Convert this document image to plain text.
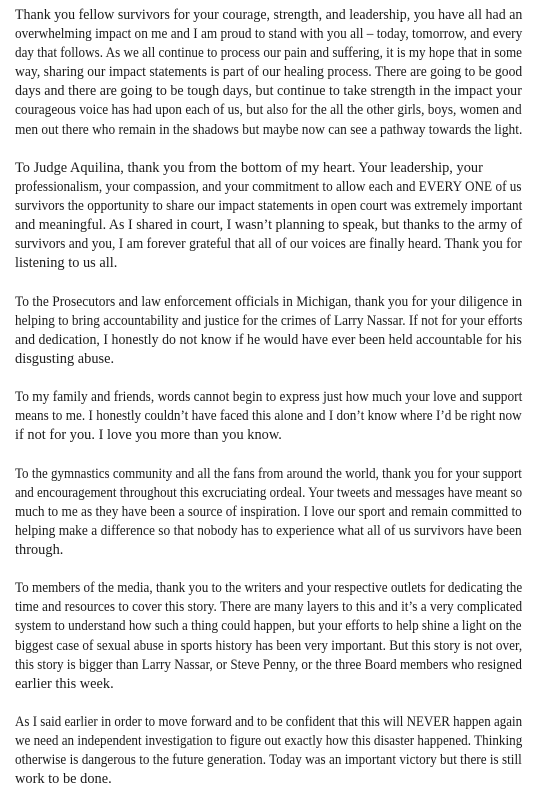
Thank you fellow survivors for your courage, strength, and leadership, you have all had an
overwhelming impact on me and I am proud to stand with you all – today, tomorrow, and every
day that follows. As we all continue to process our pain and suffering, it is my hope that in some
way, sharing our impact statements is part of our healing process. There are going to be good
days and there are going to be tough days, but continue to take strength in the impact your
courageous voice has had upon each of us, but also for the all the other girls, boys, women and
men out there who remain in the shadows but maybe now can see a pathway towards the light.

To Judge Aquilina, thank you from the bottom of my heart. Your leadership, your
professionalism, your compassion, and your commitment to allow each and EVERY ONE of us
survivors the opportunity to share our impact statements in open court was extremely important
and meaningful. As I shared in court, I wasn’t planning to speak, but thanks to the army of
survivors and you, I am forever grateful that all of our voices are finally heard. Thank you for
listening to us all.

To the Prosecutors and law enforcement officials in Michigan, thank you for your diligence in
helping to bring accountability and justice for the crimes of Larry Nassar. If not for your efforts
and dedication, I honestly do not know if he would have ever been held accountable for his
disgusting abuse.

To my family and friends, words cannot begin to express just how much your love and support
means to me. I honestly couldn’t have faced this alone and I don’t know where I’d be right now
if not for you. I love you more than you know.

To the gymnastics community and all the fans from around the world, thank you for your support
and encouragement throughout this excruciating ordeal. Your tweets and messages have meant so
much to me as they have been a source of inspiration. I love our sport and remain committed to
helping make a difference so that nobody has to experience what all of us survivors have been
through.

To members of the media, thank you to the writers and your respective outlets for dedicating the
time and resources to cover this story. There are many layers to this and it’s a very complicated
system to understand how such a thing could happen, but your efforts to help shine a light on the
biggest case of sexual abuse in sports history has been very important. But this story is not over,
this story is bigger than Larry Nassar, or Steve Penny, or the three Board members who resigned
earlier this week.

As I said earlier in order to move forward and to be confident that this will NEVER happen again
we need an independent investigation to figure out exactly how this disaster happened. Thinking
otherwise is dangerous to the future generation. Today was an important victory but there is still
work to be done.
